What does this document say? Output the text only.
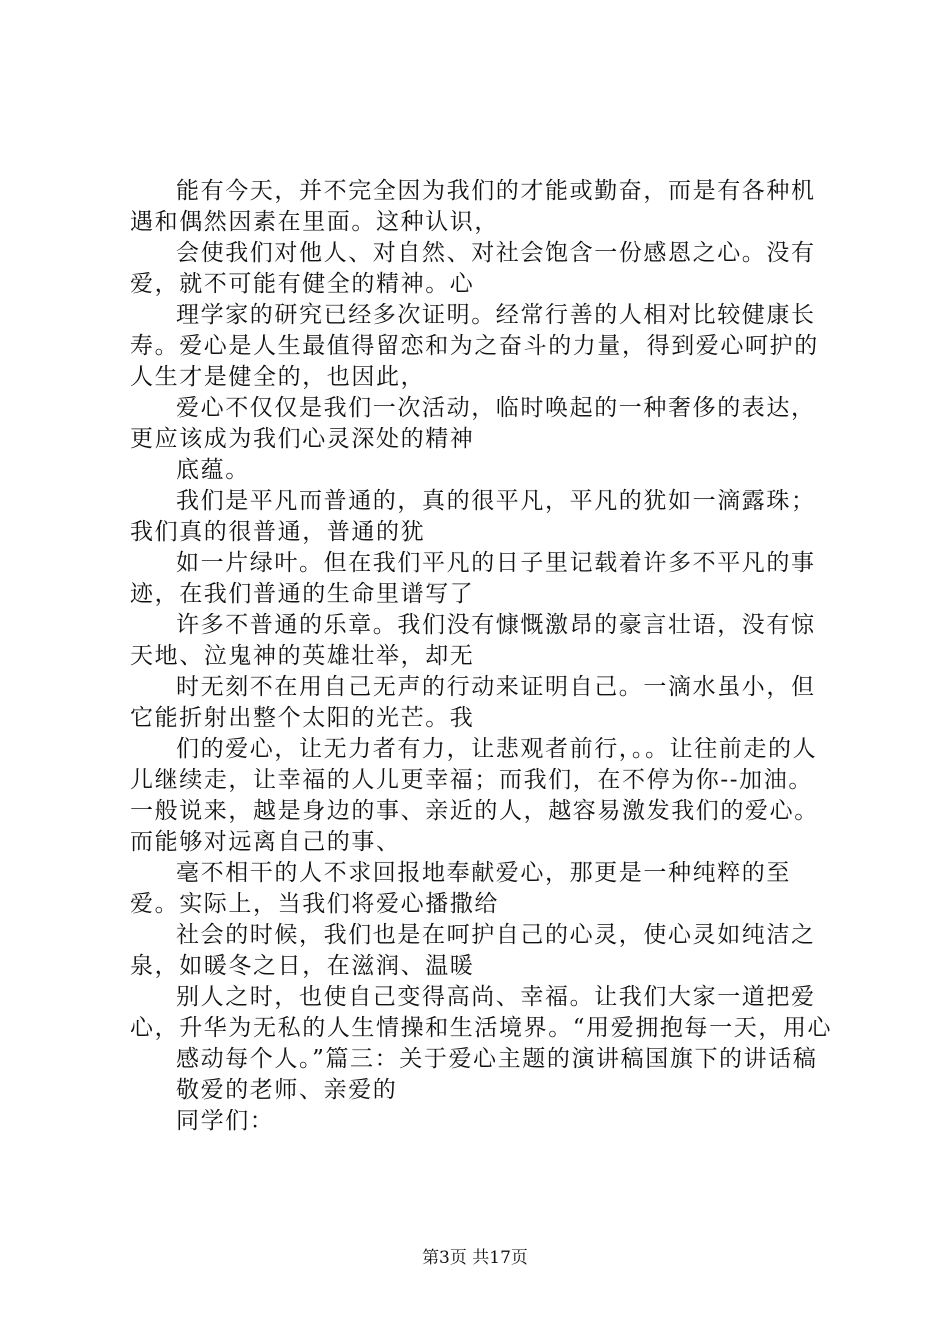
能有今天，并不完全因为我们的才能或勤奋，而是有各种机遇和偶然因素在里面。这种认识，

会使我们对他人、对自然、对社会饱含一份感恩之心。没有爱，就不可能有健全的精神。心

理学家的研究已经多次证明。经常行善的人相对比较健康长寿。爱心是人生最值得留恋和为之奋斗的力量，得到爱心呵护的人生才是健全的，也因此，

爱心不仅仅是我们一次活动，临时唤起的一种奢侈的表达，更应该成为我们心灵深处的精神

底蕴。

我们是平凡而普通的，真的很平凡，平凡的犹如一滴露珠；我们真的很普通，普通的犹

如一片绿叶。但在我们平凡的日子里记载着许多不平凡的事迹，在我们普通的生命里谱写了

许多不普通的乐章。我们没有慷慨激昂的豪言壮语，没有惊天地、泣鬼神的英雄壮举，却无

时无刻不在用自己无声的行动来证明自己。一滴水虽小，但它能折射出整个太阳的光芒。我

们的爱心，让无力者有力，让悲观者前行，。。让往前走的人儿继续走，让幸福的人儿更幸福；而我们，在不停为你--加油。一般说来，越是身边的事、亲近的人，越容易激发我们的爱心。而能够对远离自己的事、

毫不相干的人不求回报地奉献爱心，那更是一种纯粹的至爱。实际上，当我们将爱心播撒给

社会的时候，我们也是在呵护自己的心灵，使心灵如纯洁之泉，如暖冬之日，在滋润、温暖

别人之时，也使自己变得高尚、幸福。让我们大家一道把爱心，升华为无私的人生情操和生活境界。“用爱拥抱每一天，用心

感动每个人。”篇三：关于爱心主题的演讲稿国旗下的讲话稿

敬爱的老师、亲爱的

同学们：

第3页 共17页
